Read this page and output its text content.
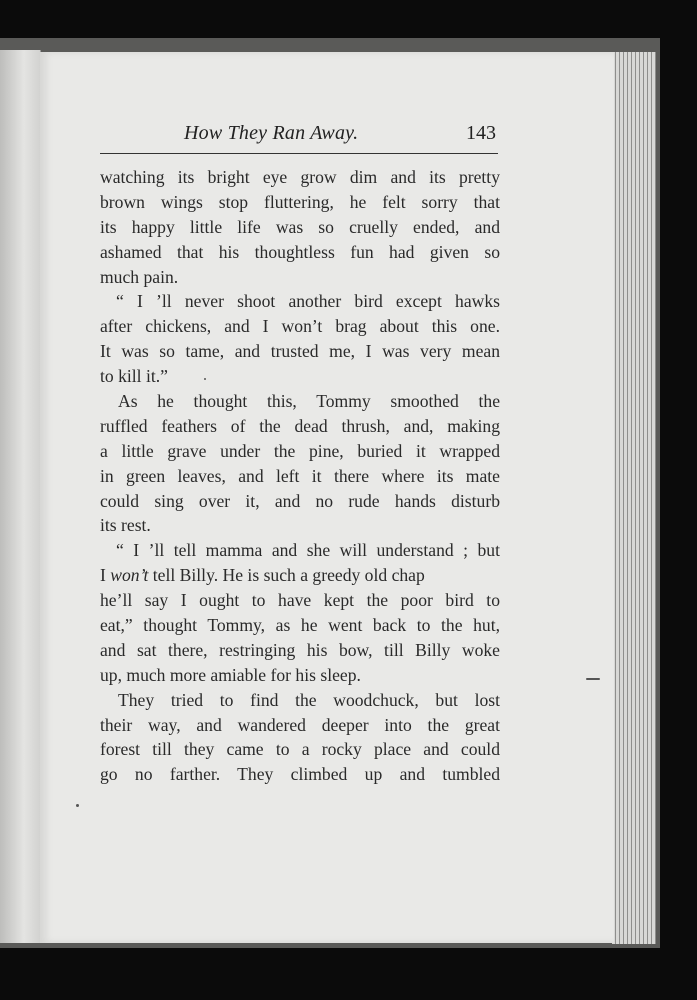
How They Ran Away.	143
watching its bright eye grow dim and its pretty
brown wings stop fluttering, he felt sorry that
its happy little life was so cruelly ended, and
ashamed that his thoughtless fun had given so
much pain.
“ I ’ll never shoot another bird except hawks
after chickens, and I won’t brag about this one.
It was so tame, and trusted me, I was very mean
to kill it.”
As he thought this, Tommy smoothed the
ruffled feathers of the dead thrush, and, making
a little grave under the pine, buried it wrapped
in green leaves, and left it there where its mate
could sing over it, and no rude hands disturb
its rest.
“ I ’ll tell mamma and she will understand ; but
I won’t tell Billy. He is such a greedy old chap
he’ll say I ought to have kept the poor bird to
eat,” thought Tommy, as he went back to the hut,
and sat there, restringing his bow, till Billy woke
up, much more amiable for his sleep.
They tried to find the woodchuck, but lost
their way, and wandered deeper into the great
forest till they came to a rocky place and could
go no farther. They climbed up and tumbled
